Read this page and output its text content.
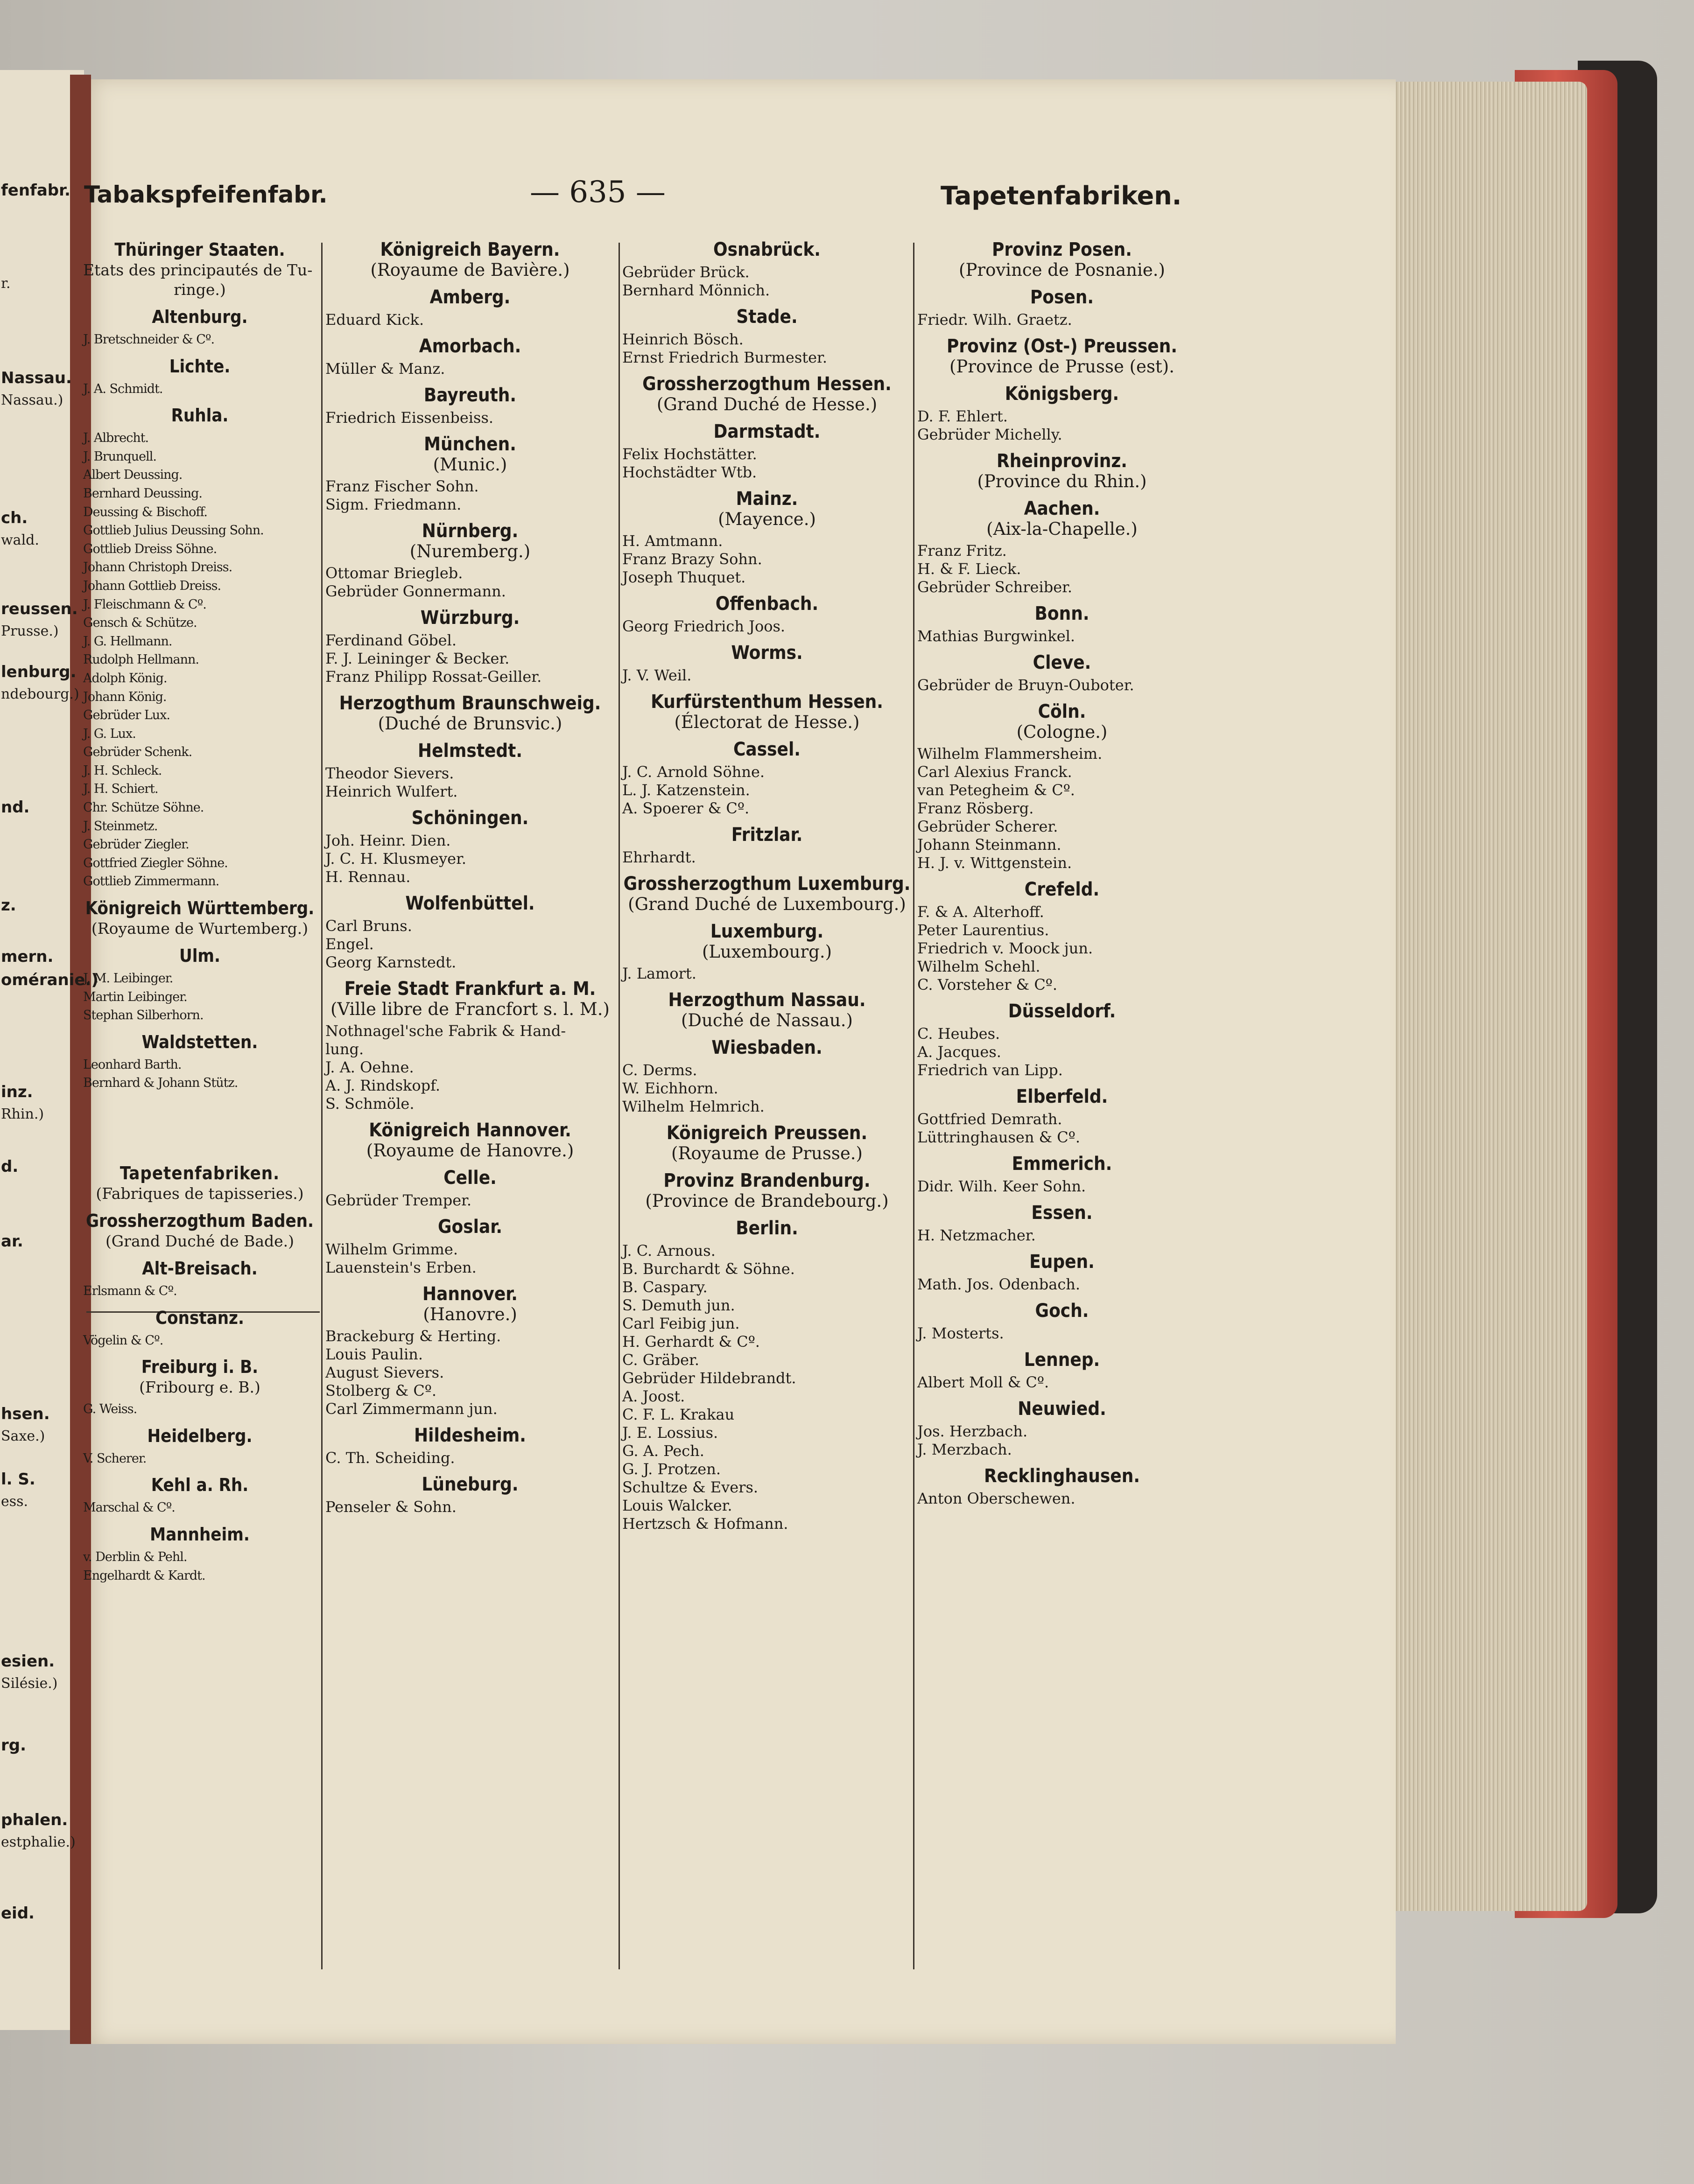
Tabakspfeifenfabr.	— 635 —	Tapetenfabriken.
fenfabr.
r.
Nassau.
Nassau.)
ch.
wald.
reussen.
Prusse.)
lenburg.
ndebourg.)
nd.
z.
mern.
oméranie.)
inz.
Rhin.)
d.
ar.
hsen.
Saxe.)
l. S.
ess.
esien.
Silésie.)
rg.
phalen.
estphalie.)
eid.
Thüringer Staaten.
Etats des principautés de Tu-
ringe.)
Altenburg.
J. Bretschneider & Cº.
Lichte.
J. A. Schmidt.
Ruhla.
J. Albrecht.
J. Brunquell.
Albert Deussing.
Bernhard Deussing.
Deussing & Bischoff.
Gottlieb Julius Deussing Sohn.
Gottlieb Dreiss Söhne.
Johann Christoph Dreiss.
Johann Gottlieb Dreiss.
J. Fleischmann & Cº.
Gensch & Schütze.
J. G. Hellmann.
Rudolph Hellmann.
Adolph König.
Johann König.
Gebrüder Lux.
J. G. Lux.
Gebrüder Schenk.
J. H. Schleck.
J. H. Schiert.
Chr. Schütze Söhne.
J. Steinmetz.
Gebrüder Ziegler.
Gottfried Ziegler Söhne.
Gottlieb Zimmermann.
Königreich Württemberg.
(Royaume de Wurtemberg.)
Ulm.
J. M. Leibinger.
Martin Leibinger.
Stephan Silberhorn.
Waldstetten.
Leonhard Barth.
Bernhard & Johann Stütz.
Tapetenfabriken.
(Fabriques de tapisseries.)
Grossherzogthum Baden.
(Grand Duché de Bade.)
Alt-Breisach.
Erlsmann & Cº.
Constanz.
Vögelin & Cº.
Freiburg i. B.
(Fribourg e. B.)
G. Weiss.
Heidelberg.
V. Scherer.
Kehl a. Rh.
Marschal & Cº.
Mannheim.
v. Derblin & Pehl.
Engelhardt & Kardt.
Königreich Bayern.
(Royaume de Bavière.)
Amberg.
Eduard Kick.
Amorbach.
Müller & Manz.
Bayreuth.
Friedrich Eissenbeiss.
München.
(Munic.)
Franz Fischer Sohn.
Sigm. Friedmann.
Nürnberg.
(Nuremberg.)
Ottomar Briegleb.
Gebrüder Gonnermann.
Würzburg.
Ferdinand Göbel.
F. J. Leininger & Becker.
Franz Philipp Rossat-Geiller.
Herzogthum Braunschweig.
(Duché de Brunsvic.)
Helmstedt.
Theodor Sievers.
Heinrich Wulfert.
Schöningen.
Joh. Heinr. Dien.
J. C. H. Klusmeyer.
H. Rennau.
Wolfenbüttel.
Carl Bruns.
Engel.
Georg Karnstedt.
Freie Stadt Frankfurt a. M.
(Ville libre de Francfort s. l. M.)
Nothnagel'sche Fabrik & Hand-
lung.
J. A. Oehne.
A. J. Rindskopf.
S. Schmöle.
Königreich Hannover.
(Royaume de Hanovre.)
Celle.
Gebrüder Tremper.
Goslar.
Wilhelm Grimme.
Lauenstein's Erben.
Hannover.
(Hanovre.)
Brackeburg & Herting.
Louis Paulin.
August Sievers.
Stolberg & Cº.
Carl Zimmermann jun.
Hildesheim.
C. Th. Scheiding.
Lüneburg.
Penseler & Sohn.
Osnabrück.
Gebrüder Brück.
Bernhard Mönnich.
Stade.
Heinrich Bösch.
Ernst Friedrich Burmester.
Grossherzogthum Hessen.
(Grand Duché de Hesse.)
Darmstadt.
Felix Hochstätter.
Hochstädter Wtb.
Mainz.
(Mayence.)
H. Amtmann.
Franz Brazy Sohn.
Joseph Thuquet.
Offenbach.
Georg Friedrich Joos.
Worms.
J. V. Weil.
Kurfürstenthum Hessen.
(Électorat de Hesse.)
Cassel.
J. C. Arnold Söhne.
L. J. Katzenstein.
A. Spoerer & Cº.
Fritzlar.
Ehrhardt.
Grossherzogthum Luxemburg.
(Grand Duché de Luxembourg.)
Luxemburg.
(Luxembourg.)
J. Lamort.
Herzogthum Nassau.
(Duché de Nassau.)
Wiesbaden.
C. Derms.
W. Eichhorn.
Wilhelm Helmrich.
Königreich Preussen.
(Royaume de Prusse.)
Provinz Brandenburg.
(Province de Brandebourg.)
Berlin.
J. C. Arnous.
B. Burchardt & Söhne.
B. Caspary.
S. Demuth jun.
Carl Feibig jun.
H. Gerhardt & Cº.
C. Gräber.
Gebrüder Hildebrandt.
A. Joost.
C. F. L. Krakau
J. E. Lossius.
G. A. Pech.
G. J. Protzen.
Schultze & Evers.
Louis Walcker.
Hertzsch & Hofmann.
Provinz Posen.
(Province de Posnanie.)
Posen.
Friedr. Wilh. Graetz.
Provinz (Ost-) Preussen.
(Province de Prusse (est).
Königsberg.
D. F. Ehlert.
Gebrüder Michelly.
Rheinprovinz.
(Province du Rhin.)
Aachen.
(Aix-la-Chapelle.)
Franz Fritz.
H. & F. Lieck.
Gebrüder Schreiber.
Bonn.
Mathias Burgwinkel.
Cleve.
Gebrüder de Bruyn-Ouboter.
Cöln.
(Cologne.)
Wilhelm Flammersheim.
Carl Alexius Franck.
van Petegheim & Cº.
Franz Rösberg.
Gebrüder Scherer.
Johann Steinmann.
H. J. v. Wittgenstein.
Crefeld.
F. & A. Alterhoff.
Peter Laurentius.
Friedrich v. Moock jun.
Wilhelm Schehl.
C. Vorsteher & Cº.
Düsseldorf.
C. Heubes.
A. Jacques.
Friedrich van Lipp.
Elberfeld.
Gottfried Demrath.
Lüttringhausen & Cº.
Emmerich.
Didr. Wilh. Keer Sohn.
Essen.
H. Netzmacher.
Eupen.
Math. Jos. Odenbach.
Goch.
J. Mosterts.
Lennep.
Albert Moll & Cº.
Neuwied.
Jos. Herzbach.
J. Merzbach.
Recklinghausen.
Anton Oberschewen.
